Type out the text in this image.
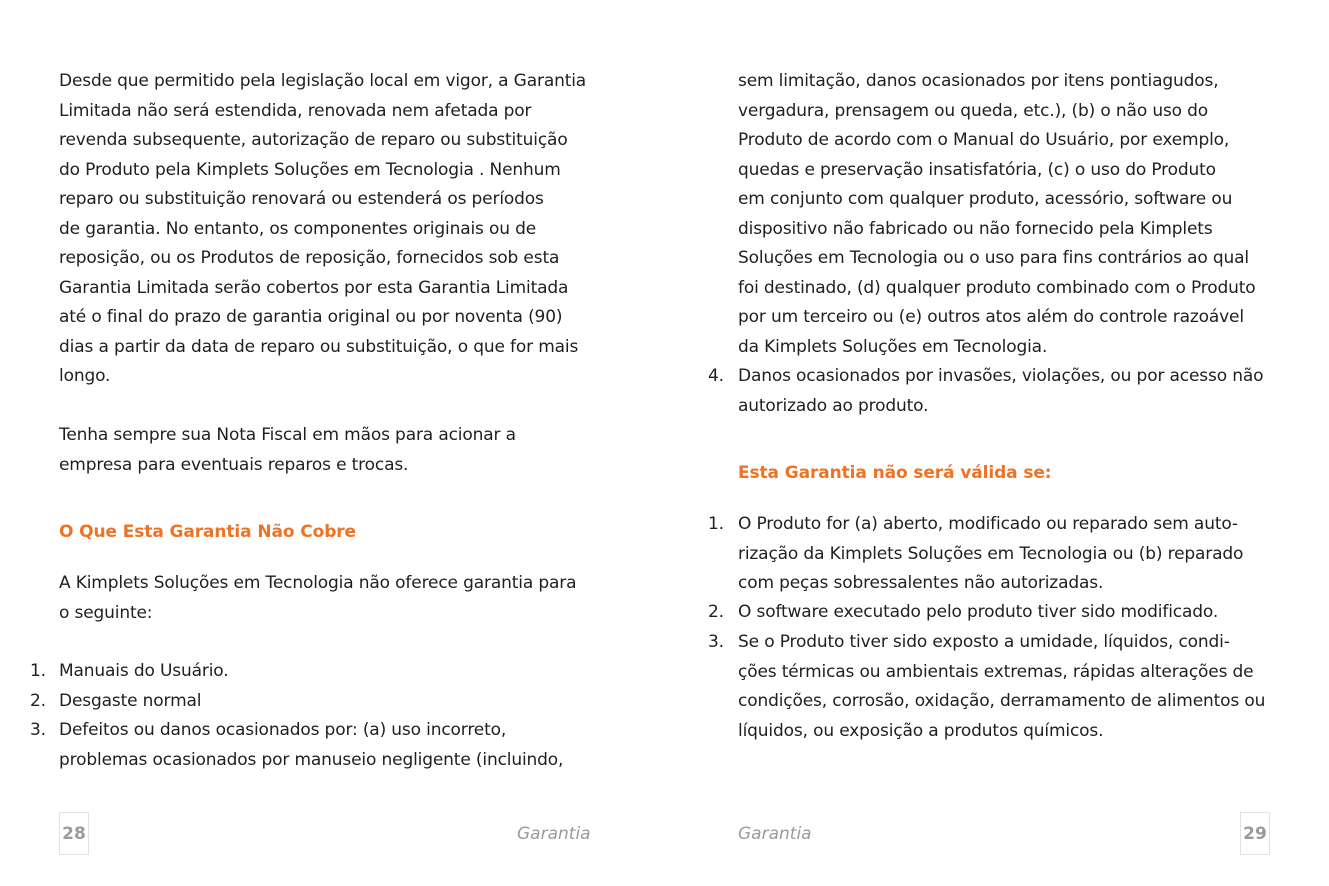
Desde que permitido pela legislação local em vigor, a Garantia
Limitada não será estendida, renovada nem afetada por
revenda subsequente, autorização de reparo ou substituição
do Produto pela Kimplets Soluções em Tecnologia . Nenhum
reparo ou substituição renovará ou estenderá os períodos
de garantia. No entanto, os componentes originais ou de
reposição, ou os Produtos de reposição, fornecidos sob esta
Garantia Limitada serão cobertos por esta Garantia Limitada
até o final do prazo de garantia original ou por noventa (90)
dias a partir da data de reparo ou substituição, o que for mais
longo.

Tenha sempre sua Nota Fiscal em mãos para acionar a
empresa para eventuais reparos e trocas.

O Que Esta Garantia Não Cobre

A Kimplets Soluções em Tecnologia não oferece garantia para
o seguinte:

1. Manuais do Usuário.
2. Desgaste normal
3. Defeitos ou danos ocasionados por: (a) uso incorreto,
problemas ocasionados por manuseio negligente (incluindo,
28	Garantia

sem limitação, danos ocasionados por itens pontiagudos,
vergadura, prensagem ou queda, etc.), (b) o não uso do
Produto de acordo com o Manual do Usuário, por exemplo,
quedas e preservação insatisfatória, (c) o uso do Produto
em conjunto com qualquer produto, acessório, software ou
dispositivo não fabricado ou não fornecido pela Kimplets
Soluções em Tecnologia ou o uso para fins contrários ao qual
foi destinado, (d) qualquer produto combinado com o Produto
por um terceiro ou (e) outros atos além do controle razoável
da Kimplets Soluções em Tecnologia.

4. Danos ocasionados por invasões, violações, ou por acesso não
autorizado ao produto.
Esta Garantia não será válida se:
1. O Produto for (a) aberto, modificado ou reparado sem auto-
rização da Kimplets Soluções em Tecnologia ou (b) reparado
com peças sobressalentes não autorizadas.
2. O software executado pelo produto tiver sido modificado.
3. Se o Produto tiver sido exposto a umidade, líquidos, condi-
ções térmicas ou ambientais extremas, rápidas alterações de
condições, corrosão, oxidação, derramamento de alimentos ou
líquidos, ou exposição a produtos químicos.
Garantia	29
